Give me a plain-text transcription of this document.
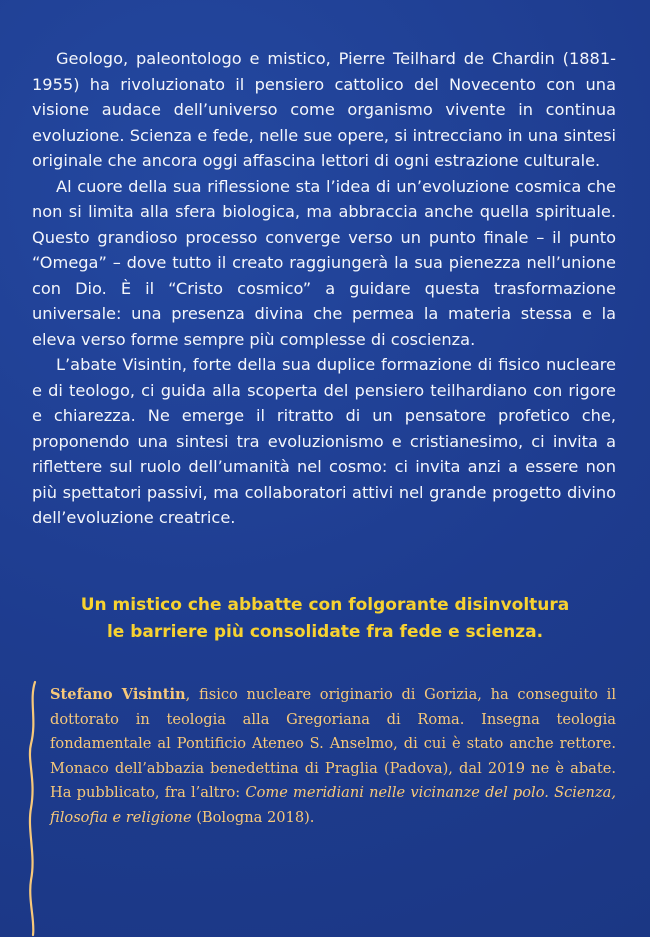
Geologo, paleontologo e mistico, Pierre Teilhard de Chardin (1881-1955) ha rivoluzionato il pensiero cattolico del Novecento con una visione audace dell’universo come organismo vivente in continua evoluzione. Scienza e fede, nelle sue opere, si intrecciano in una sintesi originale che ancora oggi affascina lettori di ogni estrazione culturale.

Al cuore della sua riflessione sta l’idea di un’evoluzione cosmica che non si limita alla sfera biologica, ma abbraccia anche quella spirituale. Questo grandioso processo converge verso un punto finale – il punto “Omega” – dove tutto il creato raggiungerà la sua pienezza nell’unione con Dio. È il “Cristo cosmico” a guidare questa trasformazione universale: una presenza divina che permea la materia stessa e la eleva verso forme sempre più complesse di coscienza.

L’abate Visintin, forte della sua duplice formazione di fisico nucleare e di teologo, ci guida alla scoperta del pensiero teilhardiano con rigore e chiarezza. Ne emerge il ritratto di un pensatore profetico che, proponendo una sintesi tra evoluzionismo e cristianesimo, ci invita a riflettere sul ruolo dell’umanità nel cosmo: ci invita anzi a essere non più spettatori passivi, ma collaboratori attivi nel grande progetto divino dell’evoluzione creatrice.

Un mistico che abbatte con folgorante disinvoltura
le barriere più consolidate fra fede e scienza.
Stefano Visintin, fisico nucleare originario di Gorizia, ha conseguito il dottorato in teologia alla Gregoriana di Roma. Insegna teologia fondamentale al Pontificio Ateneo S. Anselmo, di cui è stato anche rettore. Monaco dell’abbazia benedettina di Praglia (Padova), dal 2019 ne è abate. Ha pubblicato, fra l’altro: Come meridiani nelle vicinanze del polo. Scienza, filosofia e religione (Bologna 2018).
